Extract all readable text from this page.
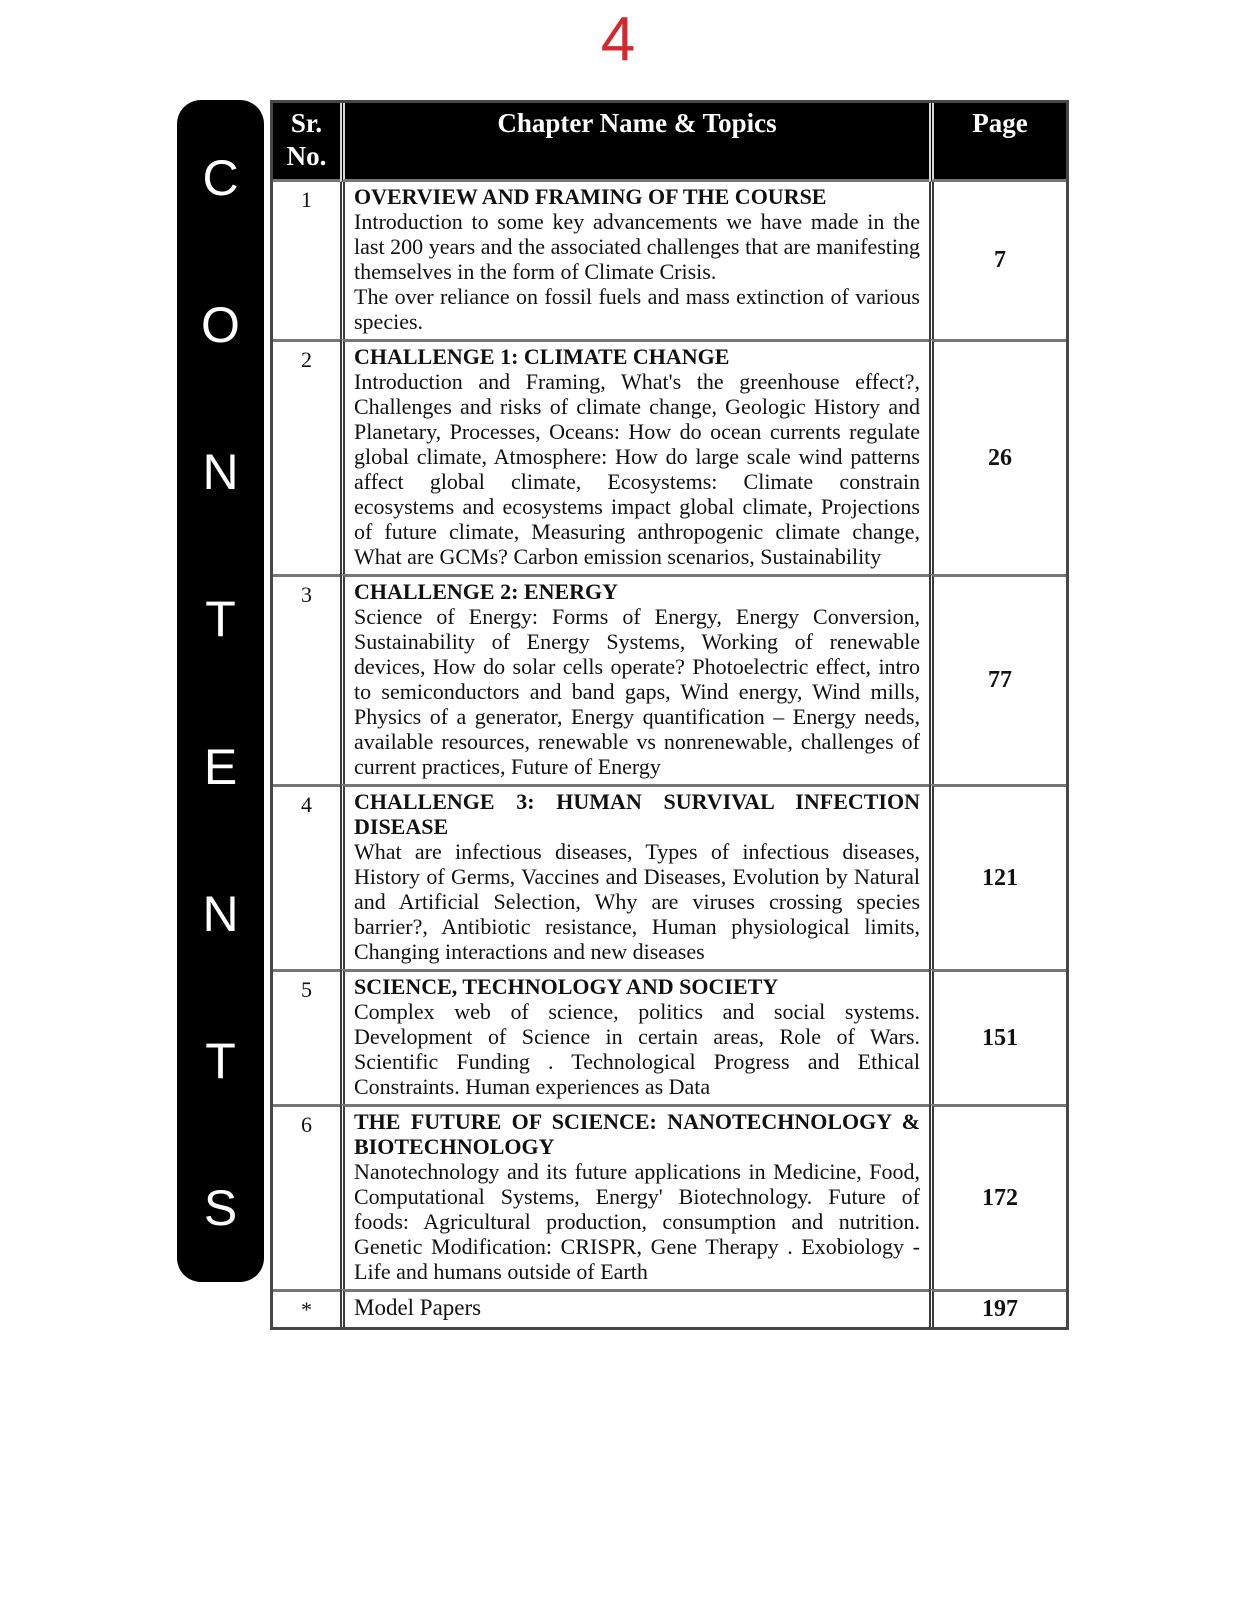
4
C
O
N
T
E
N
T
S
Sr.
No.	Chapter Name & Topics	Page
1	OVERVIEW AND FRAMING OF THE COURSE
Introduction to some key advancements we have made in the last 200 years and the associated challenges that are manifesting themselves in the form of Climate Crisis.
The over reliance on fossil fuels and mass extinction of various species.	7
2	CHALLENGE 1: CLIMATE CHANGE
Introduction and Framing, What's the greenhouse effect?, Challenges and risks of climate change, Geologic History and Planetary, Processes, Oceans: How do ocean currents regulate global climate, Atmosphere: How do large scale wind patterns affect global climate, Ecosystems: Climate constrain ecosystems and ecosystems impact global climate, Projections of future climate, Measuring anthropogenic climate change, What are GCMs? Carbon emission scenarios, Sustainability	26
3	CHALLENGE 2: ENERGY
Science of Energy: Forms of Energy, Energy Conversion, Sustainability of Energy Systems, Working of renewable devices, How do solar cells operate? Photoelectric effect, intro to semiconductors and band gaps, Wind energy, Wind mills, Physics of a generator, Energy quantification – Energy needs, available resources, renewable vs nonrenewable, challenges of current practices, Future of Energy	77
4	CHALLENGE 3: HUMAN SURVIVAL INFECTION DISEASE
What are infectious diseases, Types of infectious diseases, History of Germs, Vaccines and Diseases, Evolution by Natural and Artificial Selection, Why are viruses crossing species barrier?, Antibiotic resistance, Human physiological limits, Changing interactions and new diseases	121
5	SCIENCE, TECHNOLOGY AND SOCIETY
Complex web of science, politics and social systems. Development of Science in certain areas, Role of Wars. Scientific Funding . Technological Progress and Ethical Constraints. Human experiences as Data	151
6	THE FUTURE OF SCIENCE: NANOTECHNOLOGY & BIOTECHNOLOGY
Nanotechnology and its future applications in Medicine, Food, Computational Systems, Energy' Biotechnology. Future of foods: Agricultural production, consumption and nutrition. Genetic Modification: CRISPR, Gene Therapy . Exobiology - Life and humans outside of Earth	172
*	Model Papers	197
